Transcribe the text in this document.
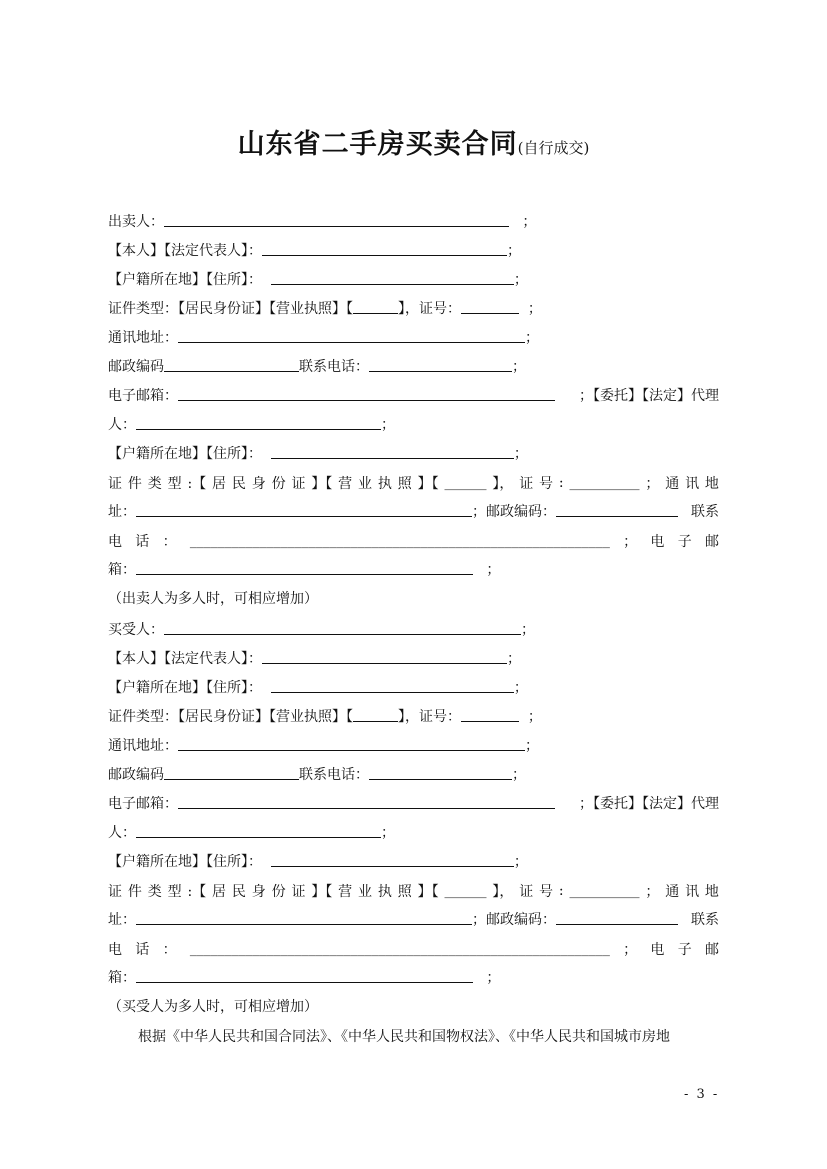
山东省二手房买卖合同(自行成交)
出卖人：	；
【本人】【法定代表人】：	；
【户籍所在地】【住所】：	；
证件类型：【居民身份证】【营业执照】【	】，证号：	；
通讯地址：	；
邮政编码	联系电话：	；
电子邮箱：	；【委托】【法定】代理
人：	；
【户籍所在地】【住所】：	；
证 件 类 型 :【 居 民 身 份 证 】【 营 业 执 照 】【 ______ 】， 证 号 : __________ ； 通 讯 地
址：	；邮政编码：	联系
电 话 ： ____________________________________________________________ ； 电 子 邮
箱：	；
（出卖人为多人时，可相应增加）
买受人：	；
【本人】【法定代表人】：	；
【户籍所在地】【住所】：	；
证件类型：【居民身份证】【营业执照】【	】，证号：	；
通讯地址：	；
邮政编码	联系电话：	；
电子邮箱：	；【委托】【法定】代理
人：	；
【户籍所在地】【住所】：	；
证 件 类 型 :【 居 民 身 份 证 】【 营 业 执 照 】【 ______ 】， 证 号 : __________ ； 通 讯 地
址：	；邮政编码：	联系
电 话 ： ____________________________________________________________ ； 电 子 邮
箱：	；
（买受人为多人时，可相应增加）
根据《中华人民共和国合同法》、《中华人民共和国物权法》、《中华人民共和国城市房地
- 3 -
